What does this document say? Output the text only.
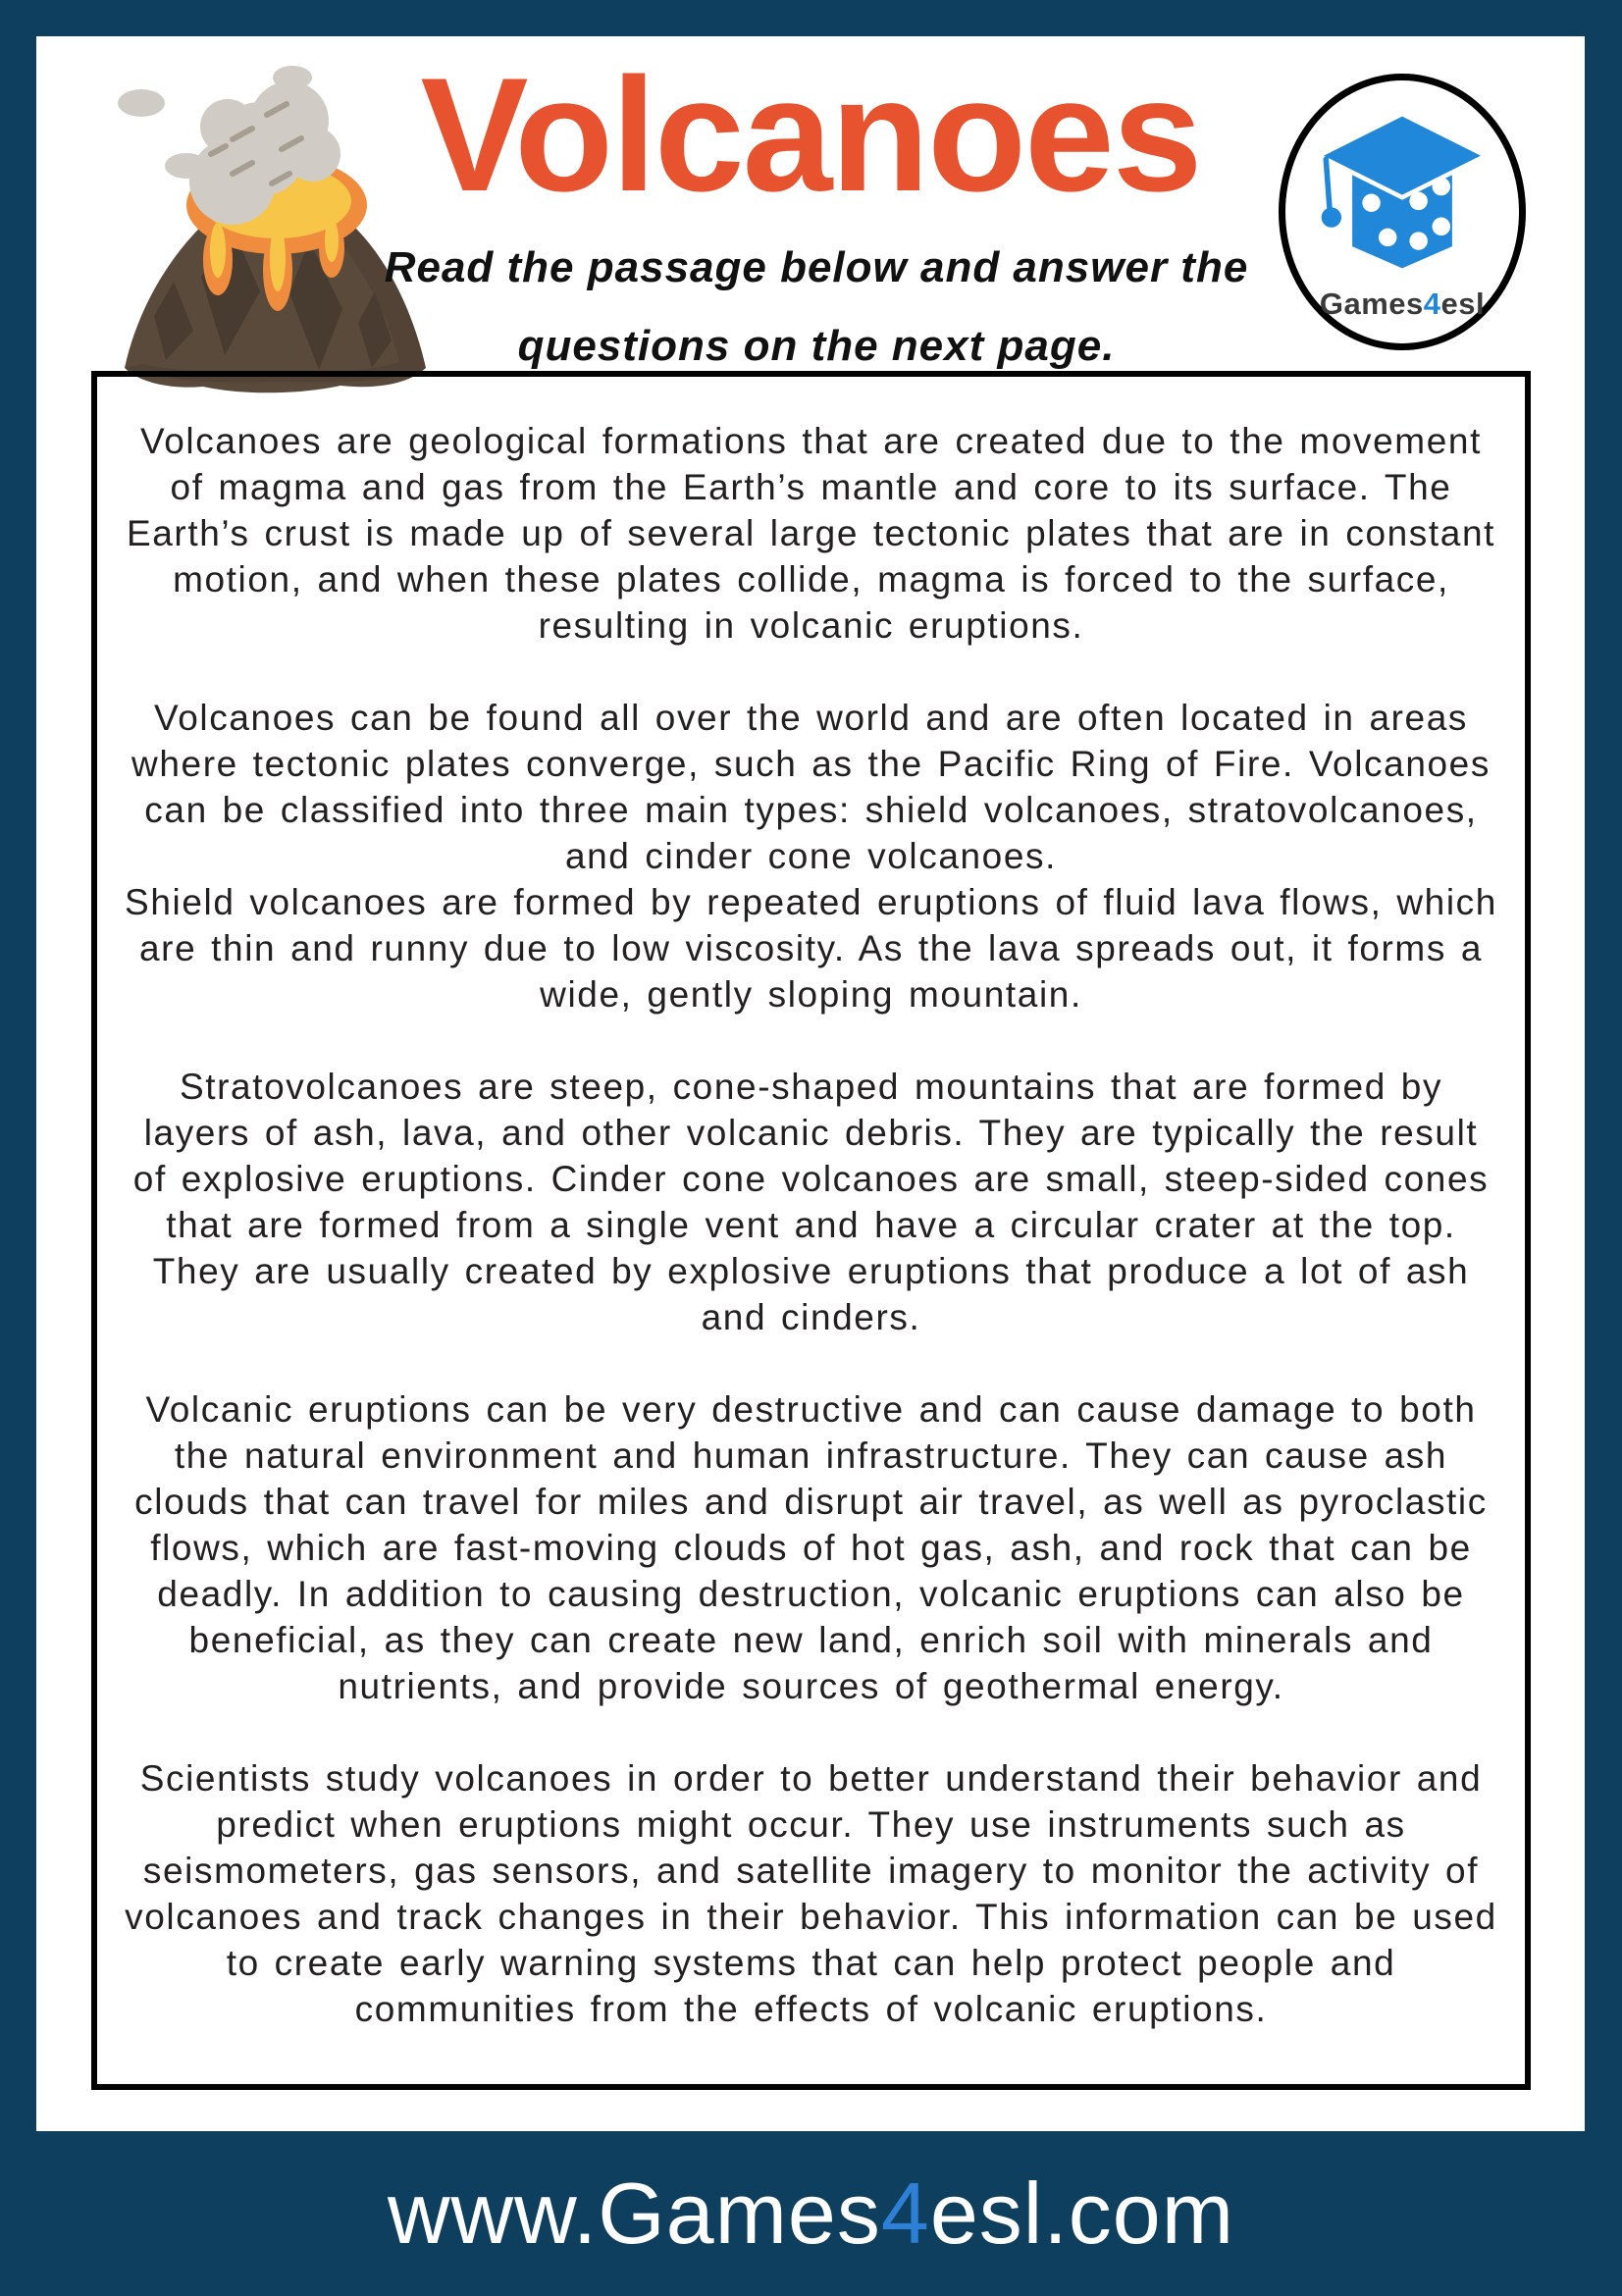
Volcanoes

Read the passage below and answer the questions on the next page.

Games4esl

Volcanoes are geological formations that are created due to the movement of magma and gas from the Earth’s mantle and core to its surface. The Earth’s crust is made up of several large tectonic plates that are in constant motion, and when these plates collide, magma is forced to the surface, resulting in volcanic eruptions.

Volcanoes can be found all over the world and are often located in areas where tectonic plates converge, such as the Pacific Ring of Fire. Volcanoes can be classified into three main types: shield volcanoes, stratovolcanoes, and cinder cone volcanoes.

Shield volcanoes are formed by repeated eruptions of fluid lava flows, which are thin and runny due to low viscosity. As the lava spreads out, it forms a wide, gently sloping mountain.

Stratovolcanoes are steep, cone-shaped mountains that are formed by layers of ash, lava, and other volcanic debris. They are typically the result of explosive eruptions. Cinder cone volcanoes are small, steep-sided cones that are formed from a single vent and have a circular crater at the top. They are usually created by explosive eruptions that produce a lot of ash and cinders.

Volcanic eruptions can be very destructive and can cause damage to both the natural environment and human infrastructure. They can cause ash clouds that can travel for miles and disrupt air travel, as well as pyroclastic flows, which are fast-moving clouds of hot gas, ash, and rock that can be deadly. In addition to causing destruction, volcanic eruptions can also be beneficial, as they can create new land, enrich soil with minerals and nutrients, and provide sources of geothermal energy.

Scientists study volcanoes in order to better understand their behavior and predict when eruptions might occur. They use instruments such as seismometers, gas sensors, and satellite imagery to monitor the activity of volcanoes and track changes in their behavior. This information can be used to create early warning systems that can help protect people and communities from the effects of volcanic eruptions.

www.Games4esl.com
